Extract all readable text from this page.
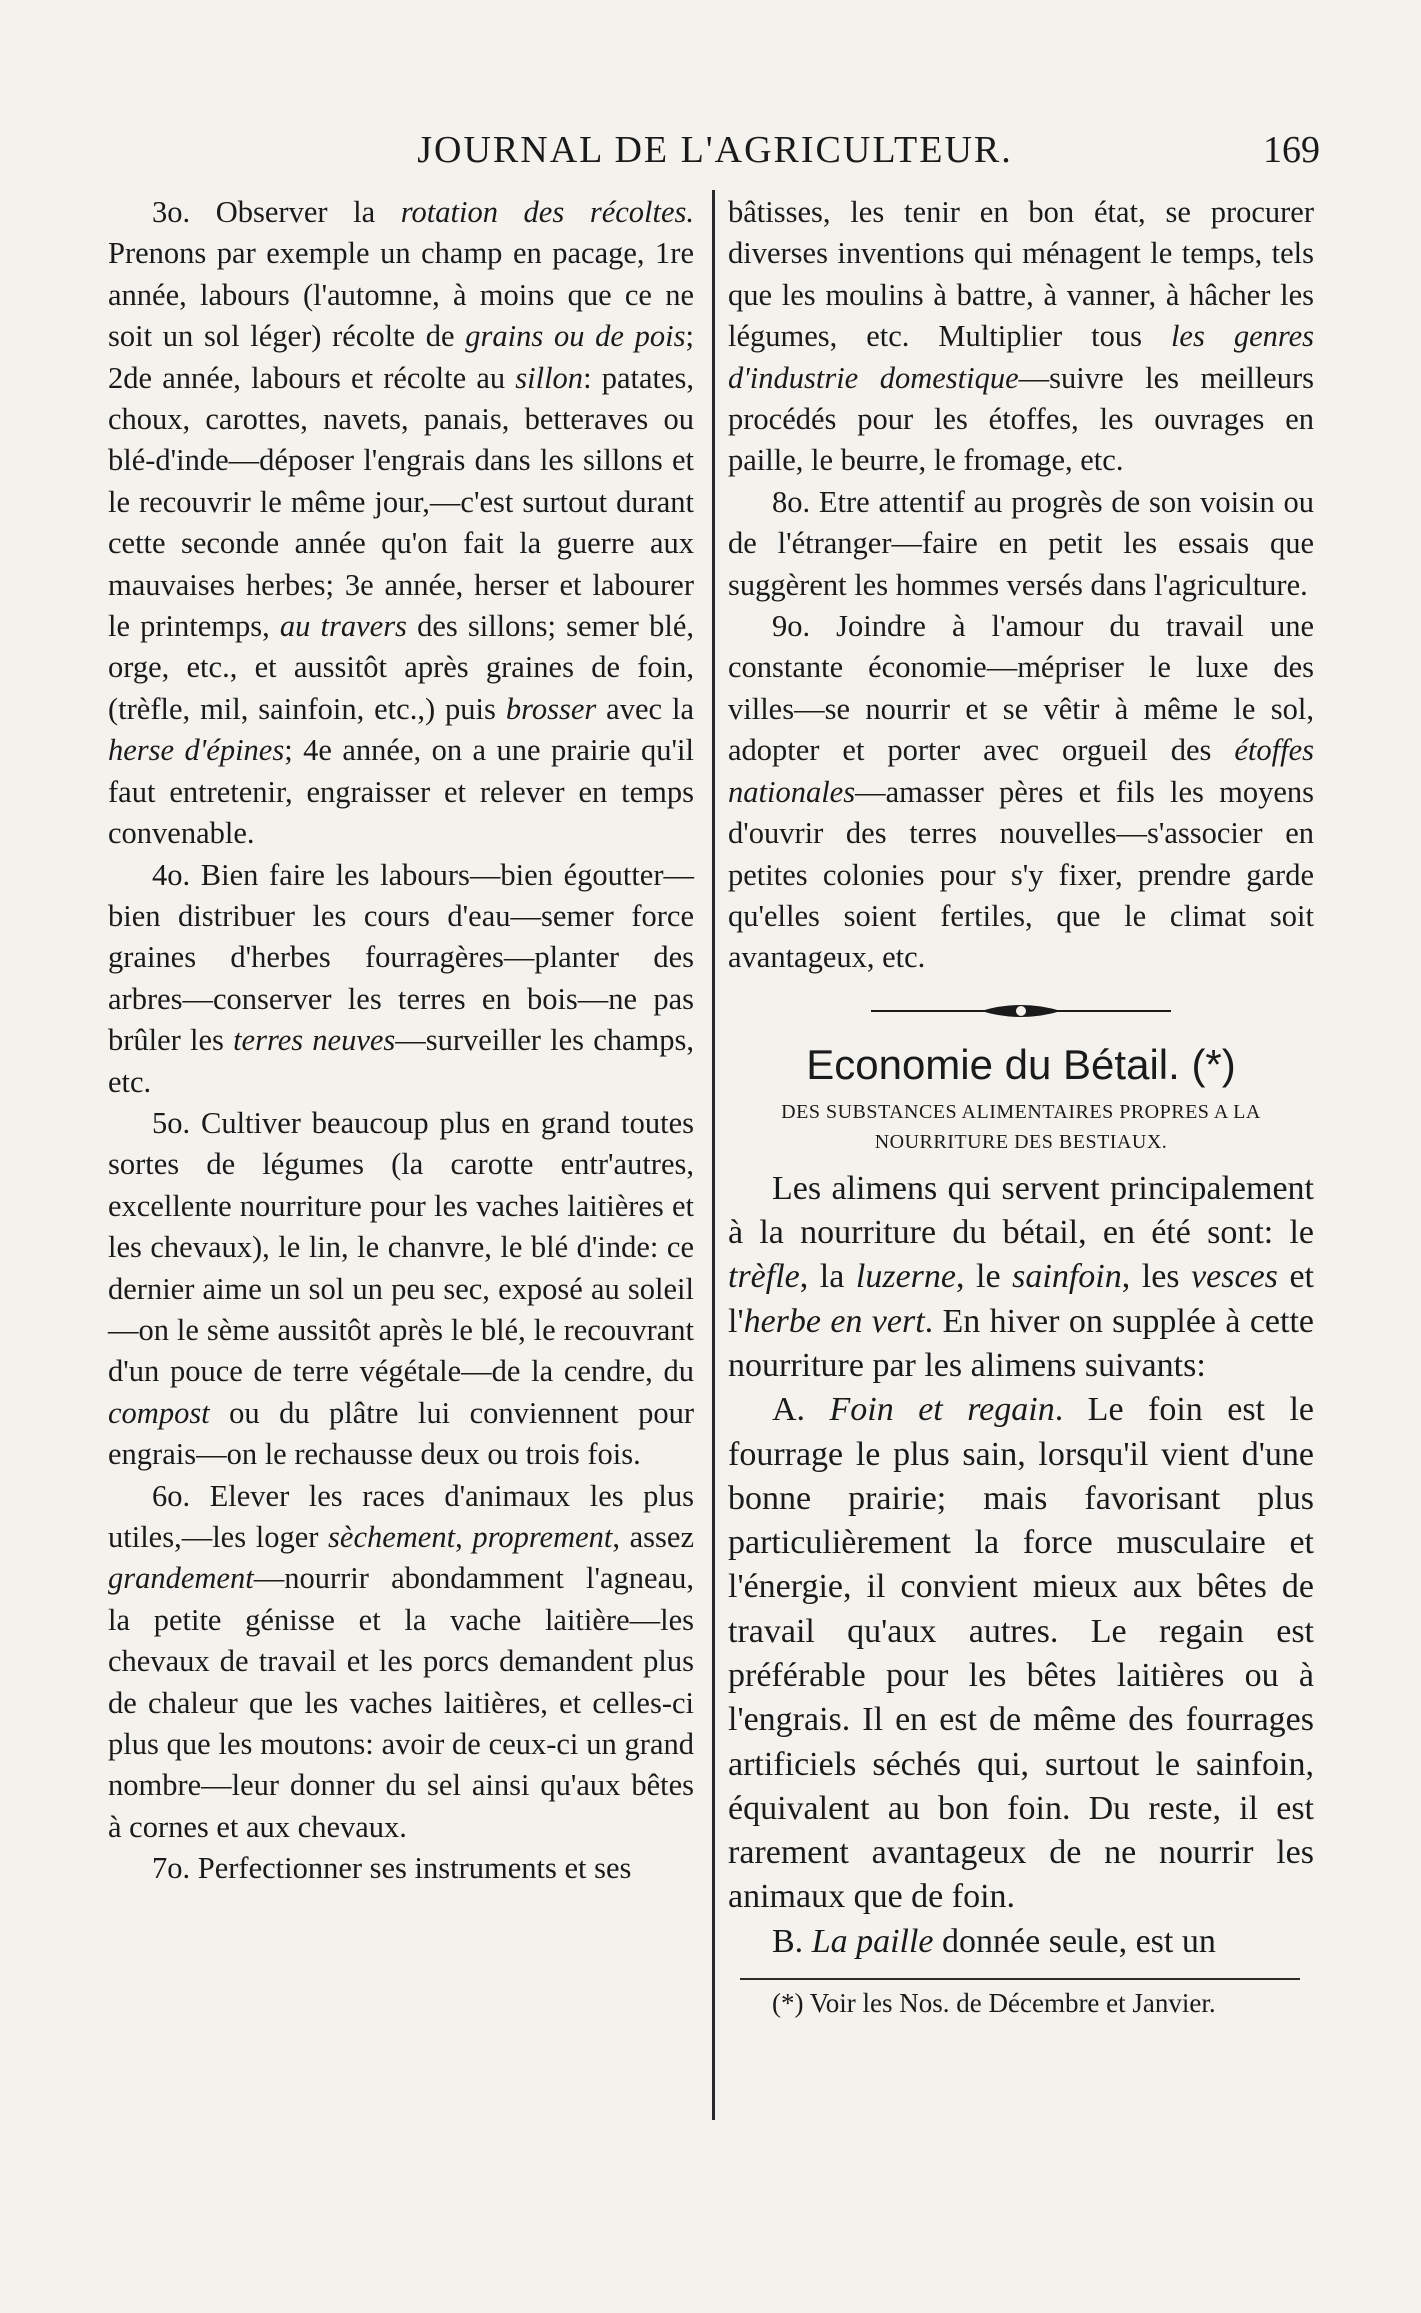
JOURNAL DE L'AGRICULTEUR.	169

3o. Observer la rotation des récoltes. Prenons par exemple un champ en pacage, 1re année, labours (l'automne, à moins que ce ne soit un sol léger) récolte de grains ou de pois; 2de année, labours et récolte au sillon: patates, choux, carottes, navets, panais, betteraves ou blé-d'inde—déposer l'engrais dans les sillons et le recouvrir le même jour,—c'est surtout durant cette seconde année qu'on fait la guerre aux mauvaises herbes; 3e année, herser et labourer le printemps, au travers des sillons; semer blé, orge, etc., et aussitôt après graines de foin, (trèfle, mil, sainfoin, etc.,) puis brosser avec la herse d'épines; 4e année, on a une prairie qu'il faut entretenir, engraisser et relever en temps convenable.

4o. Bien faire les labours—bien égoutter—bien distribuer les cours d'eau—semer force graines d'herbes fourragères—planter des arbres—conserver les terres en bois—ne pas brûler les terres neuves—surveiller les champs, etc.

5o. Cultiver beaucoup plus en grand toutes sortes de légumes (la carotte entr'autres, excellente nourriture pour les vaches laitières et les chevaux), le lin, le chanvre, le blé d'inde: ce dernier aime un sol un peu sec, exposé au soleil—on le sème aussitôt après le blé, le recouvrant d'un pouce de terre végétale—de la cendre, du compost ou du plâtre lui conviennent pour engrais—on le rechausse deux ou trois fois.

6o. Elever les races d'animaux les plus utiles,—les loger sèchement, proprement, assez grandement—nourrir abondamment l'agneau, la petite génisse et la vache laitière—les chevaux de travail et les porcs demandent plus de chaleur que les vaches laitières, et celles-ci plus que les moutons: avoir de ceux-ci un grand nombre—leur donner du sel ainsi qu'aux bêtes à cornes et aux chevaux.

7o. Perfectionner ses instruments et ses

bâtisses, les tenir en bon état, se procurer diverses inventions qui ménagent le temps, tels que les moulins à battre, à vanner, à hâcher les légumes, etc. Multiplier tous les genres d'industrie domestique—suivre les meilleurs procédés pour les étoffes, les ouvrages en paille, le beurre, le fromage, etc.

8o. Etre attentif au progrès de son voisin ou de l'étranger—faire en petit les essais que suggèrent les hommes versés dans l'agriculture.

9o. Joindre à l'amour du travail une constante économie—mépriser le luxe des villes—se nourrir et se vêtir à même le sol, adopter et porter avec orgueil des étoffes nationales—amasser pères et fils les moyens d'ouvrir des terres nouvelles—s'associer en petites colonies pour s'y fixer, prendre garde qu'elles soient fertiles, que le climat soit avantageux, etc.

Economie du Bétail. (*)
DES SUBSTANCES ALIMENTAIRES PROPRES A LA
NOURRITURE DES BESTIAUX.

Les alimens qui servent principalement à la nourriture du bétail, en été sont: le trèfle, la luzerne, le sainfoin, les vesces et l'herbe en vert. En hiver on supplée à cette nourriture par les alimens suivants:

A. Foin et regain. Le foin est le fourrage le plus sain, lorsqu'il vient d'une bonne prairie; mais favorisant plus particulièrement la force musculaire et l'énergie, il convient mieux aux bêtes de travail qu'aux autres. Le regain est préférable pour les bêtes laitières ou à l'engrais. Il en est de même des fourrages artificiels séchés qui, surtout le sainfoin, équivalent au bon foin. Du reste, il est rarement avantageux de ne nourrir les animaux que de foin.

B. La paille donnée seule, est un

(*) Voir les Nos. de Décembre et Janvier.
